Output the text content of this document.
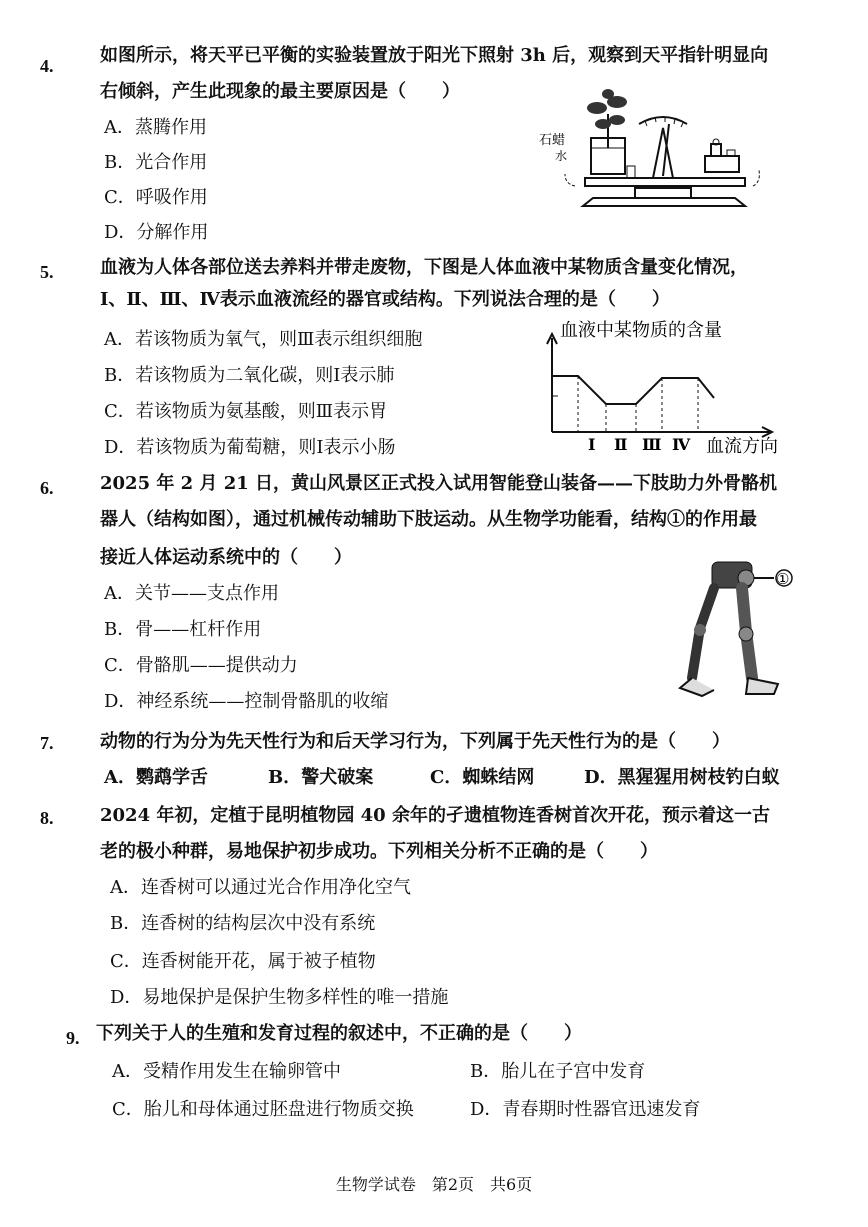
4.	如图所示，将天平已平衡的实验装置放于阳光下照射 3h 后，观察到天平指针明显向
右倾斜，产生此现象的最主要原因是（　　）
A．蒸腾作用
B．光合作用
C．呼吸作用
D．分解作用
石蜡
水
5.	血液为人体各部位送去养料并带走废物，下图是人体血液中某物质含量变化情况，
Ⅰ、Ⅱ、Ⅲ、Ⅳ表示血液流经的器官或结构。下列说法合理的是（　　）
A．若该物质为氧气，则Ⅲ表示组织细胞
B．若该物质为二氧化碳，则Ⅰ表示肺
C．若该物质为氨基酸，则Ⅲ表示胃
D．若该物质为葡萄糖，则Ⅰ表示小肠
血液中某物质的含量
Ⅰ Ⅱ Ⅲ Ⅳ 血流方向
6.	2025 年 2 月 21 日，黄山风景区正式投入试用智能登山装备——下肢助力外骨骼机
器人（结构如图），通过机械传动辅助下肢运动。从生物学功能看，结构①的作用最
接近人体运动系统中的（　　）
A．关节——支点作用
B．骨——杠杆作用
C．骨骼肌——提供动力
D．神经系统——控制骨骼肌的收缩
①
7.	动物的行为分为先天性行为和后天学习行为，下列属于先天性行为的是（　　）
A．鹦鹉学舌	B．警犬破案	C．蜘蛛结网	D．黑猩猩用树枝钓白蚁
8.	2024 年初，定植于昆明植物园 40 余年的孑遗植物连香树首次开花，预示着这一古
老的极小种群，易地保护初步成功。下列相关分析不正确的是（　　）
A．连香树可以通过光合作用净化空气
B．连香树的结构层次中没有系统
C．连香树能开花，属于被子植物
D．易地保护是保护生物多样性的唯一措施
9. 下列关于人的生殖和发育过程的叙述中，不正确的是（　　）
A．受精作用发生在输卵管中	B．胎儿在子宫中发育
C．胎儿和母体通过胚盘进行物质交换	D．青春期时性器官迅速发育
生物学试卷　第2页　共6页
